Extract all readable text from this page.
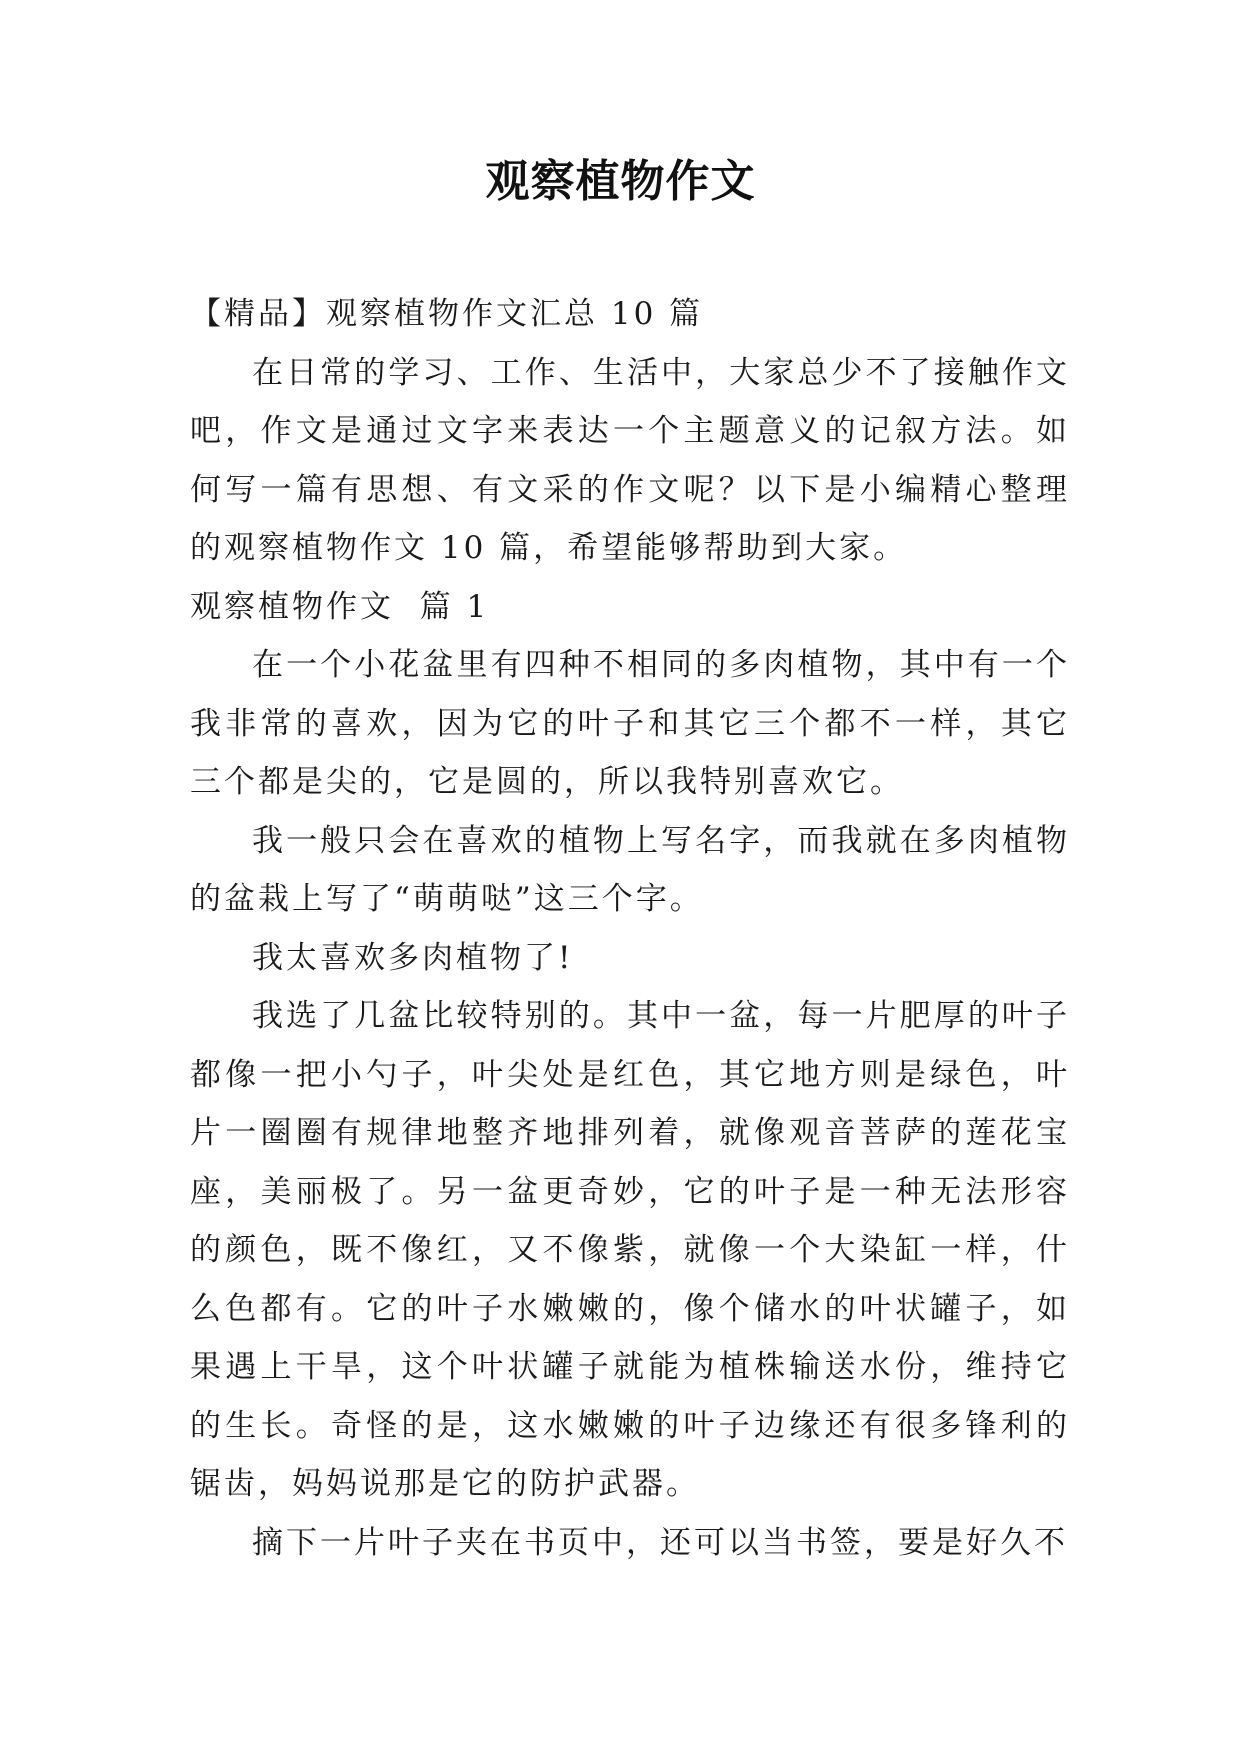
观察植物作文

【精品】观察植物作文汇总 10 篇

在日常的学习、工作、生活中，大家总少不了接触作文吧，作文是通过文字来表达一个主题意义的记叙方法。如何写一篇有思想、有文采的作文呢？以下是小编精心整理的观察植物作文 10 篇，希望能够帮助到大家。

观察植物作文  篇 1

在一个小花盆里有四种不相同的多肉植物，其中有一个我非常的喜欢，因为它的叶子和其它三个都不一样，其它三个都是尖的，它是圆的，所以我特别喜欢它。

我一般只会在喜欢的植物上写名字，而我就在多肉植物的盆栽上写了“萌萌哒”这三个字。

我太喜欢多肉植物了!

我选了几盆比较特别的。其中一盆，每一片肥厚的叶子都像一把小勺子，叶尖处是红色，其它地方则是绿色，叶片一圈圈有规律地整齐地排列着，就像观音菩萨的莲花宝座，美丽极了。另一盆更奇妙，它的叶子是一种无法形容的颜色，既不像红，又不像紫，就像一个大染缸一样，什么色都有。它的叶子水嫩嫩的，像个储水的叶状罐子，如果遇上干旱，这个叶状罐子就能为植株输送水份，维持它的生长。奇怪的是，这水嫩嫩的叶子边缘还有很多锋利的锯齿，妈妈说那是它的防护武器。

摘下一片叶子夹在书页中，还可以当书签，要是好久不
